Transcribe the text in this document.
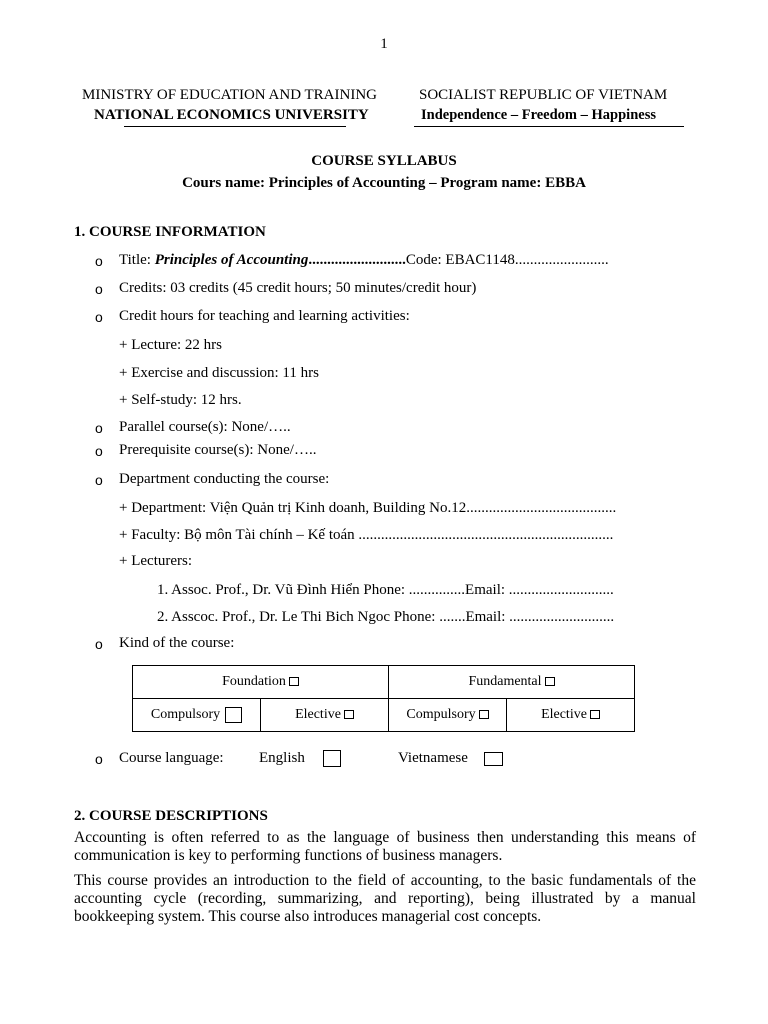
1
MINISTRY OF EDUCATION AND TRAINING
NATIONAL ECONOMICS UNIVERSITY
SOCIALIST REPUBLIC OF VIETNAM
Independence – Freedom – Happiness
COURSE SYLLABUS
Cours name: Principles of Accounting – Program name: EBBA
1. COURSE INFORMATION
o Title: Principles of Accounting..........................Code: EBAC1148.........................
o Credits: 03 credits (45 credit hours; 50 minutes/credit hour)
o Credit hours for teaching and learning activities:
+ Lecture: 22 hrs
+ Exercise and discussion: 11 hrs
+ Self-study: 12 hrs.
o Parallel course(s): None/…..
o Prerequisite course(s): None/…..
o Department conducting the course:
+ Department: Viện Quản trị Kinh doanh, Building No.12........................................
+ Faculty: Bộ môn Tài chính – Kế toán ....................................................................
+ Lecturers:
1. Assoc. Prof., Dr. Vũ Đình Hiển Phone: ...............Email: ............................
2. Asscoc. Prof., Dr. Le Thi Bich Ngoc Phone: .......Email: ............................
o Kind of the course:
Foundation		Fundamental	
Compulsory	Elective	Compulsory	Elective
o Course language: English	Vietnamese
2. COURSE DESCRIPTIONS
Accounting is often referred to as the language of business then understanding this means of communication is key to performing functions of business managers.
This course provides an introduction to the field of accounting, to the basic fundamentals of the accounting cycle (recording, summarizing, and reporting), being illustrated by a manual bookkeeping system. This course also introduces managerial cost concepts.
